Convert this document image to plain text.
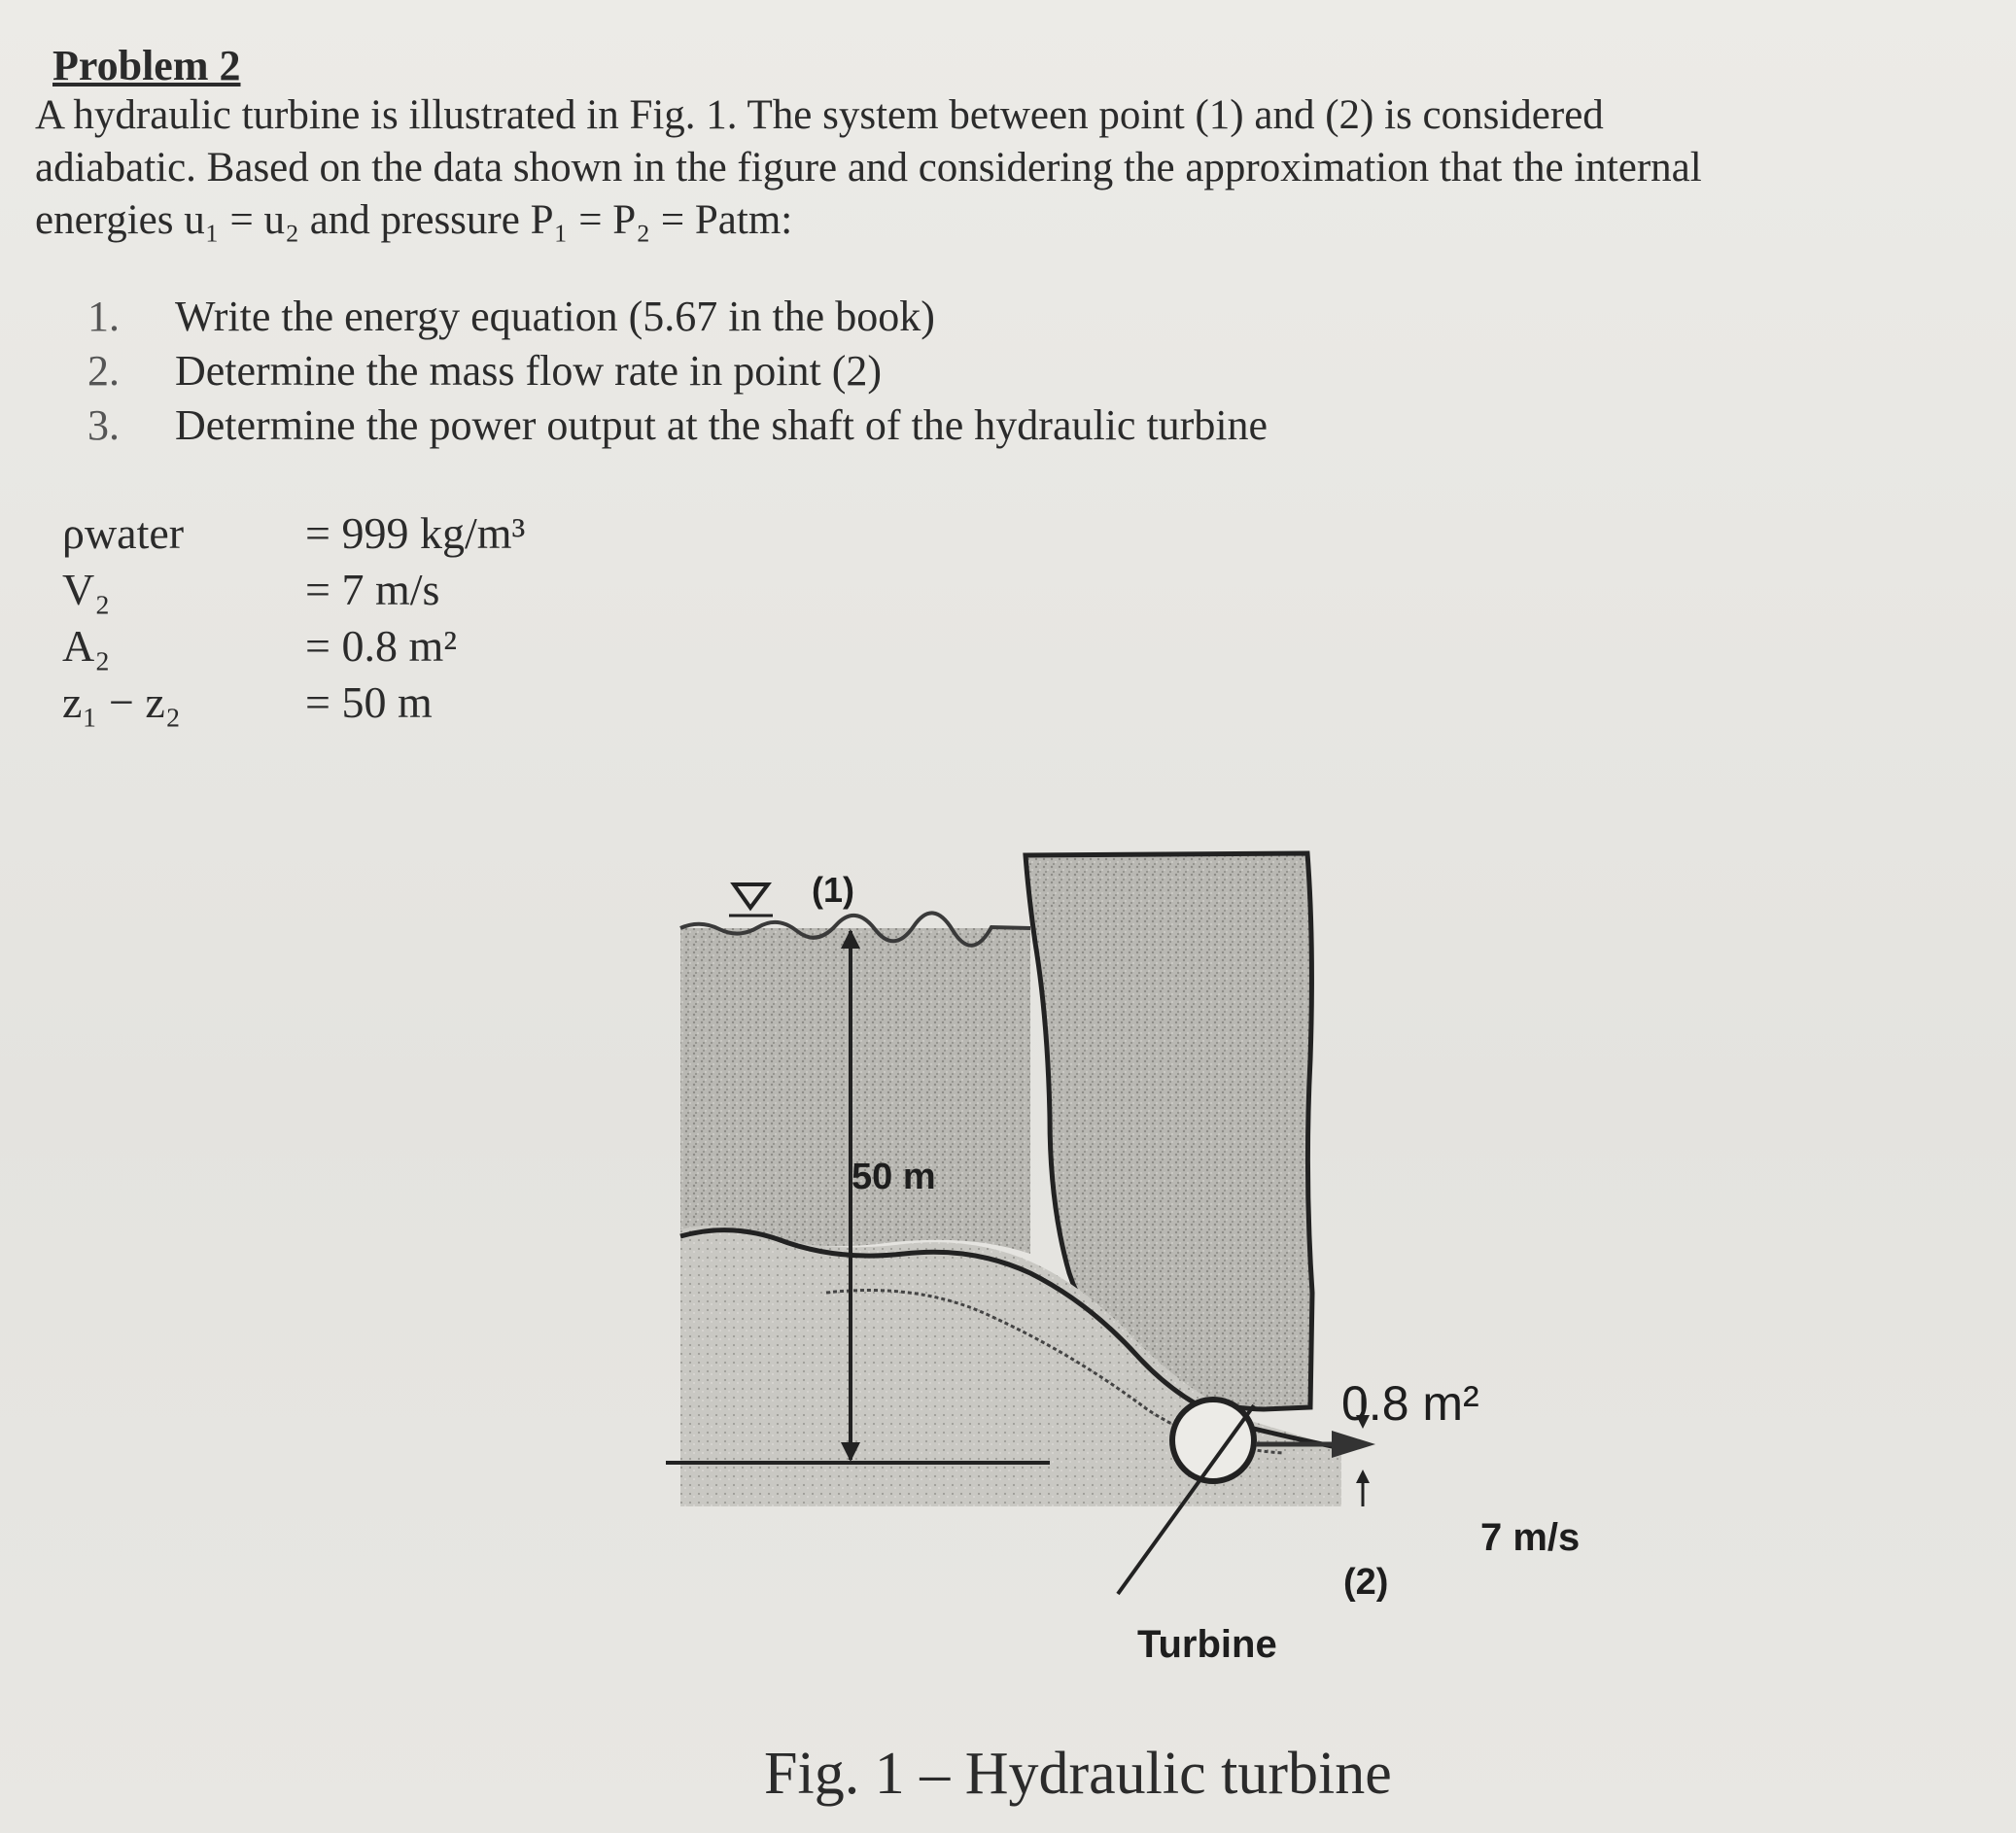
Problem 2

A hydraulic turbine is illustrated in Fig. 1. The system between point (1) and (2) is considered

adiabatic. Based on the data shown in the figure and considering the approximation that the internal

energies u₁ = u₂ and pressure P₁ = P₂ = Patm:

1.	Write the energy equation (5.67 in the book)
2.	Determine the mass flow rate in point (2)
3.	Determine the power output at the shaft of the hydraulic turbine
ρwater	= 999 kg/m³
V₂	= 7 m/s
A₂	= 0.8 m²
z₁ − z₂	= 50 m
(1)
50 m
0.8 m²
7 m/s
(2)
Turbine
Fig. 1 – Hydraulic turbine
